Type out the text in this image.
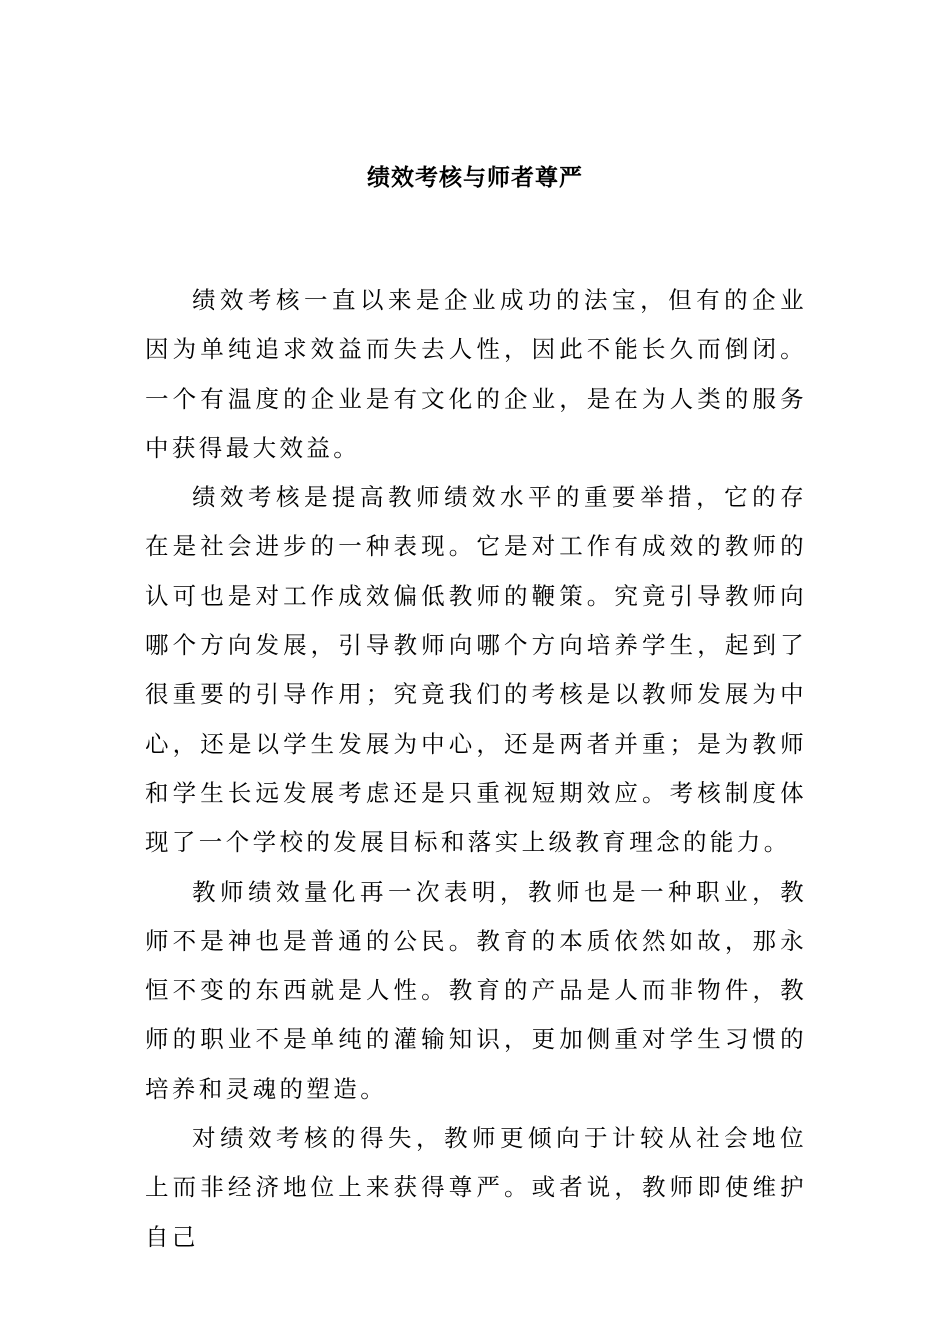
绩效考核与师者尊严

绩效考核一直以来是企业成功的法宝，但有的企业因为单纯追求效益而失去人性，因此不能长久而倒闭。一个有温度的企业是有文化的企业，是在为人类的服务中获得最大效益。

绩效考核是提高教师绩效水平的重要举措，它的存在是社会进步的一种表现。它是对工作有成效的教师的认可也是对工作成效偏低教师的鞭策。究竟引导教师向哪个方向发展，引导教师向哪个方向培养学生，起到了很重要的引导作用；究竟我们的考核是以教师发展为中心，还是以学生发展为中心，还是两者并重；是为教师和学生长远发展考虑还是只重视短期效应。考核制度体现了一个学校的发展目标和落实上级教育理念的能力。

教师绩效量化再一次表明，教师也是一种职业，教师不是神也是普通的公民。教育的本质依然如故，那永恒不变的东西就是人性。教育的产品是人而非物件，教师的职业不是单纯的灌输知识，更加侧重对学生习惯的培养和灵魂的塑造。

对绩效考核的得失，教师更倾向于计较从社会地位上而非经济地位上来获得尊严。或者说，教师即使维护自己
